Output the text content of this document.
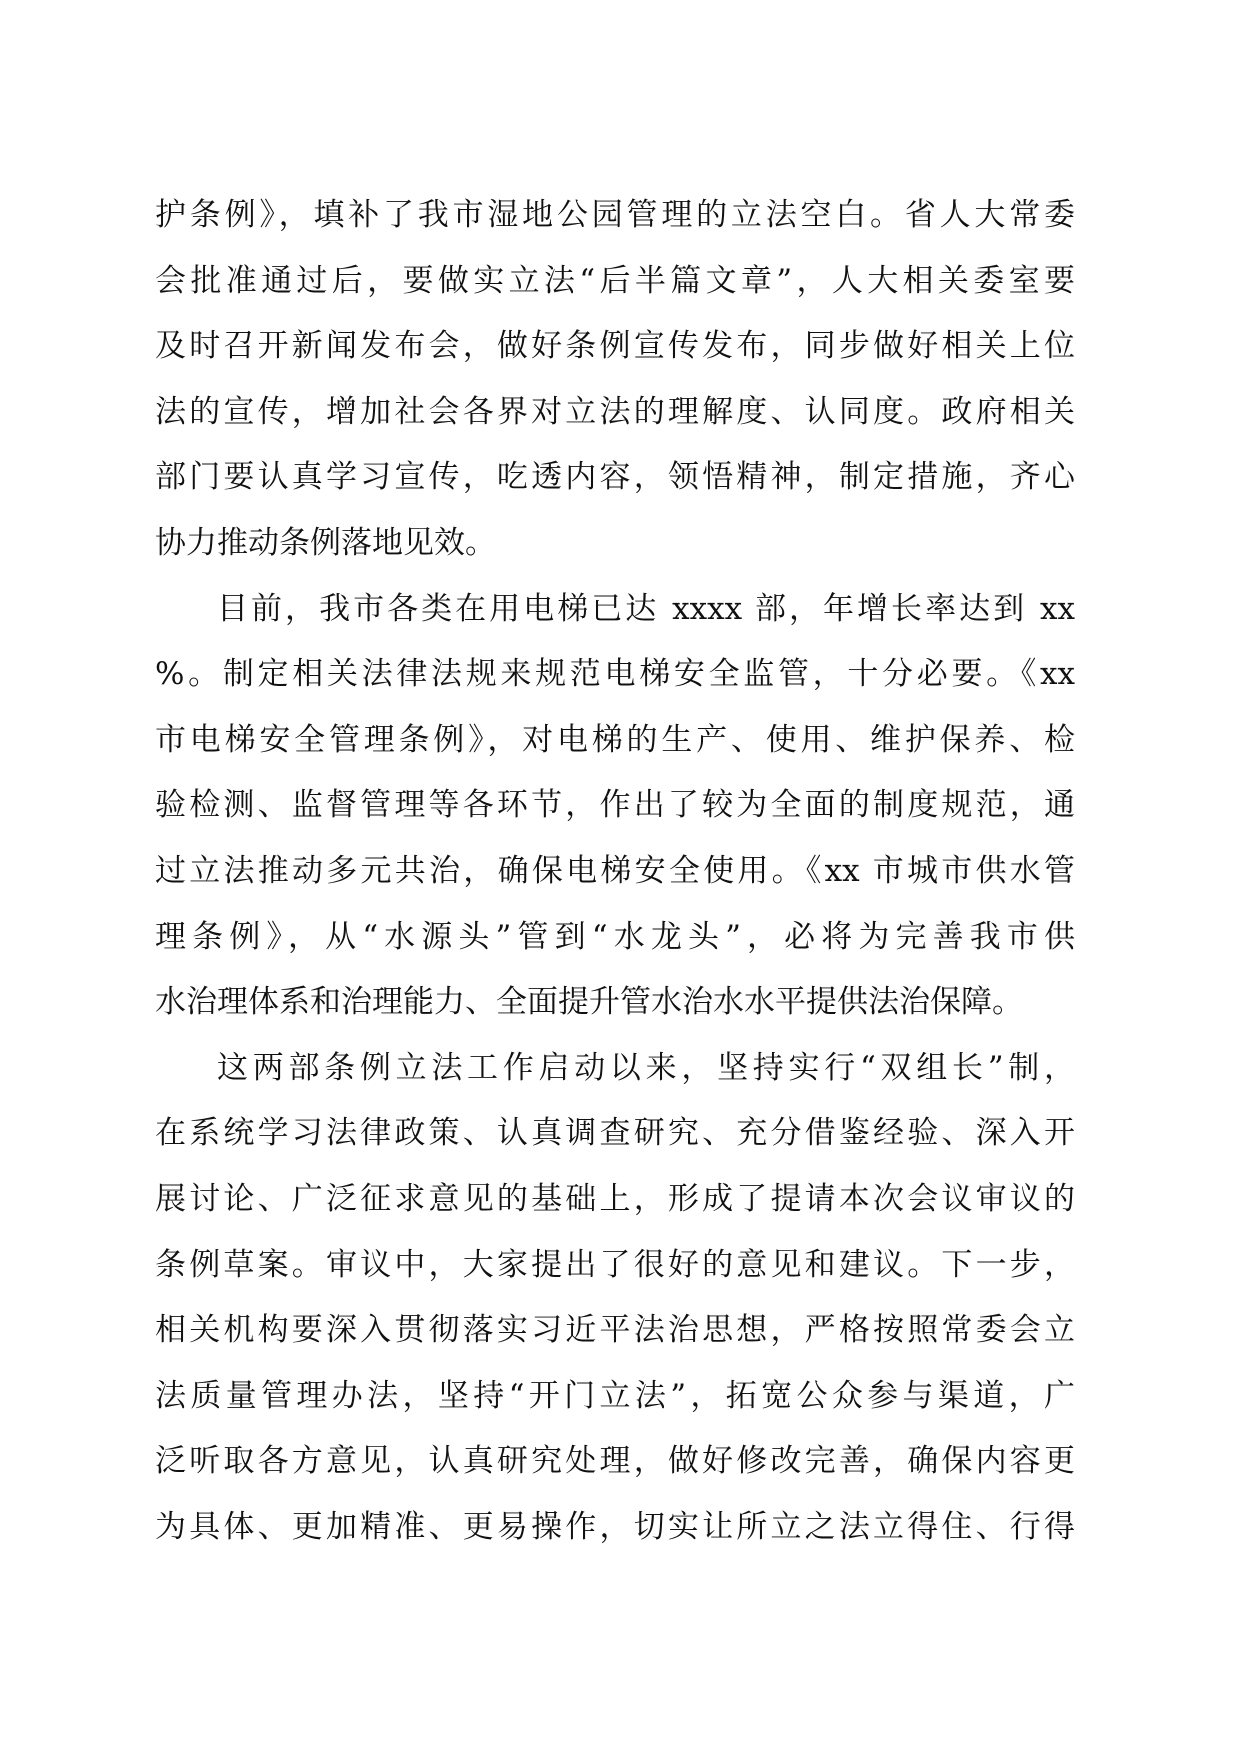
护条例》，填补了我市湿地公园管理的立法空白。省人大常委
会批准通过后，要做实立法“后半篇文章”，人大相关委室要
及时召开新闻发布会，做好条例宣传发布，同步做好相关上位
法的宣传，增加社会各界对立法的理解度、认同度。政府相关
部门要认真学习宣传，吃透内容，领悟精神，制定措施，齐心
协力推动条例落地见效。
目前，我市各类在用电梯已达 xxxx 部，年增长率达到 xx
%。制定相关法律法规来规范电梯安全监管，十分必要。《xx
市电梯安全管理条例》，对电梯的生产、使用、维护保养、检
验检测、监督管理等各环节，作出了较为全面的制度规范，通
过立法推动多元共治，确保电梯安全使用。《xx 市城市供水管
理条例》，从“水源头”管到“水龙头”，必将为完善我市供
水治理体系和治理能力、全面提升管水治水水平提供法治保障。
这两部条例立法工作启动以来，坚持实行“双组长”制，
在系统学习法律政策、认真调查研究、充分借鉴经验、深入开
展讨论、广泛征求意见的基础上，形成了提请本次会议审议的
条例草案。审议中，大家提出了很好的意见和建议。下一步，
相关机构要深入贯彻落实习近平法治思想，严格按照常委会立
法质量管理办法，坚持“开门立法”，拓宽公众参与渠道，广
泛听取各方意见，认真研究处理，做好修改完善，确保内容更
为具体、更加精准、更易操作，切实让所立之法立得住、行得
